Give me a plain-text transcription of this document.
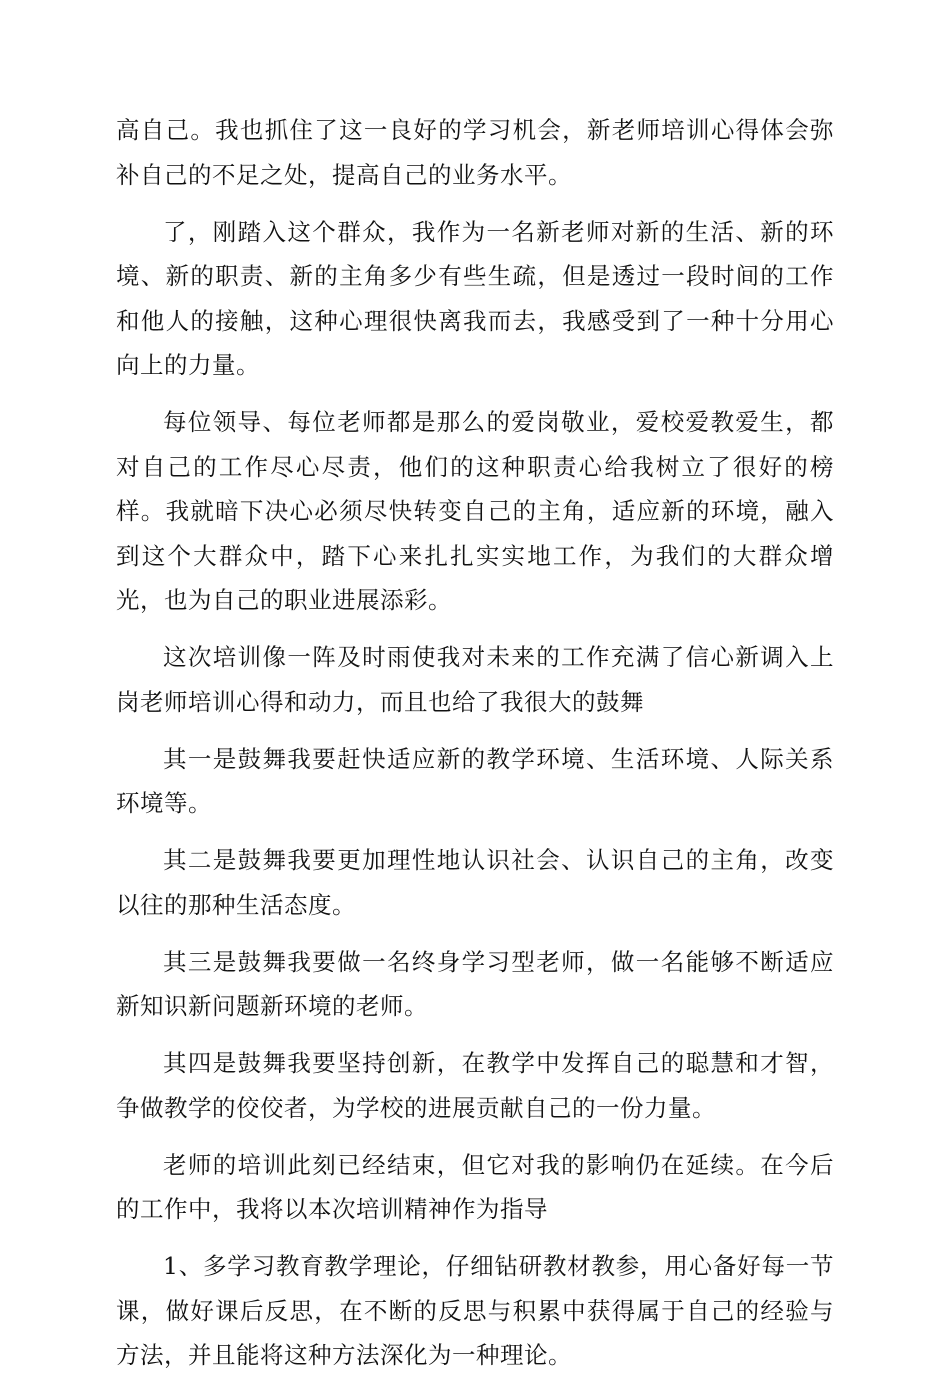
高自己。我也抓住了这一良好的学习机会，新老师培训心得体会弥补自己的不足之处，提高自己的业务水平。

了，刚踏入这个群众，我作为一名新老师对新的生活、新的环境、新的职责、新的主角多少有些生疏，但是透过一段时间的工作和他人的接触，这种心理很快离我而去，我感受到了一种十分用心向上的力量。

每位领导、每位老师都是那么的爱岗敬业，爱校爱教爱生，都对自己的工作尽心尽责，他们的这种职责心给我树立了很好的榜样。我就暗下决心必须尽快转变自己的主角，适应新的环境，融入到这个大群众中，踏下心来扎扎实实地工作，为我们的大群众增光，也为自己的职业进展添彩。

这次培训像一阵及时雨使我对未来的工作充满了信心新调入上岗老师培训心得和动力，而且也给了我很大的鼓舞

其一是鼓舞我要赶快适应新的教学环境、生活环境、人际关系环境等。

其二是鼓舞我要更加理性地认识社会、认识自己的主角，改变以往的那种生活态度。

其三是鼓舞我要做一名终身学习型老师，做一名能够不断适应新知识新问题新环境的老师。

其四是鼓舞我要坚持创新，在教学中发挥自己的聪慧和才智，争做教学的佼佼者，为学校的进展贡献自己的一份力量。

老师的培训此刻已经结束，但它对我的影响仍在延续。在今后的工作中，我将以本次培训精神作为指导

1、多学习教育教学理论，仔细钻研教材教参，用心备好每一节课，做好课后反思，在不断的反思与积累中获得属于自己的经验与方法，并且能将这种方法深化为一种理论。
